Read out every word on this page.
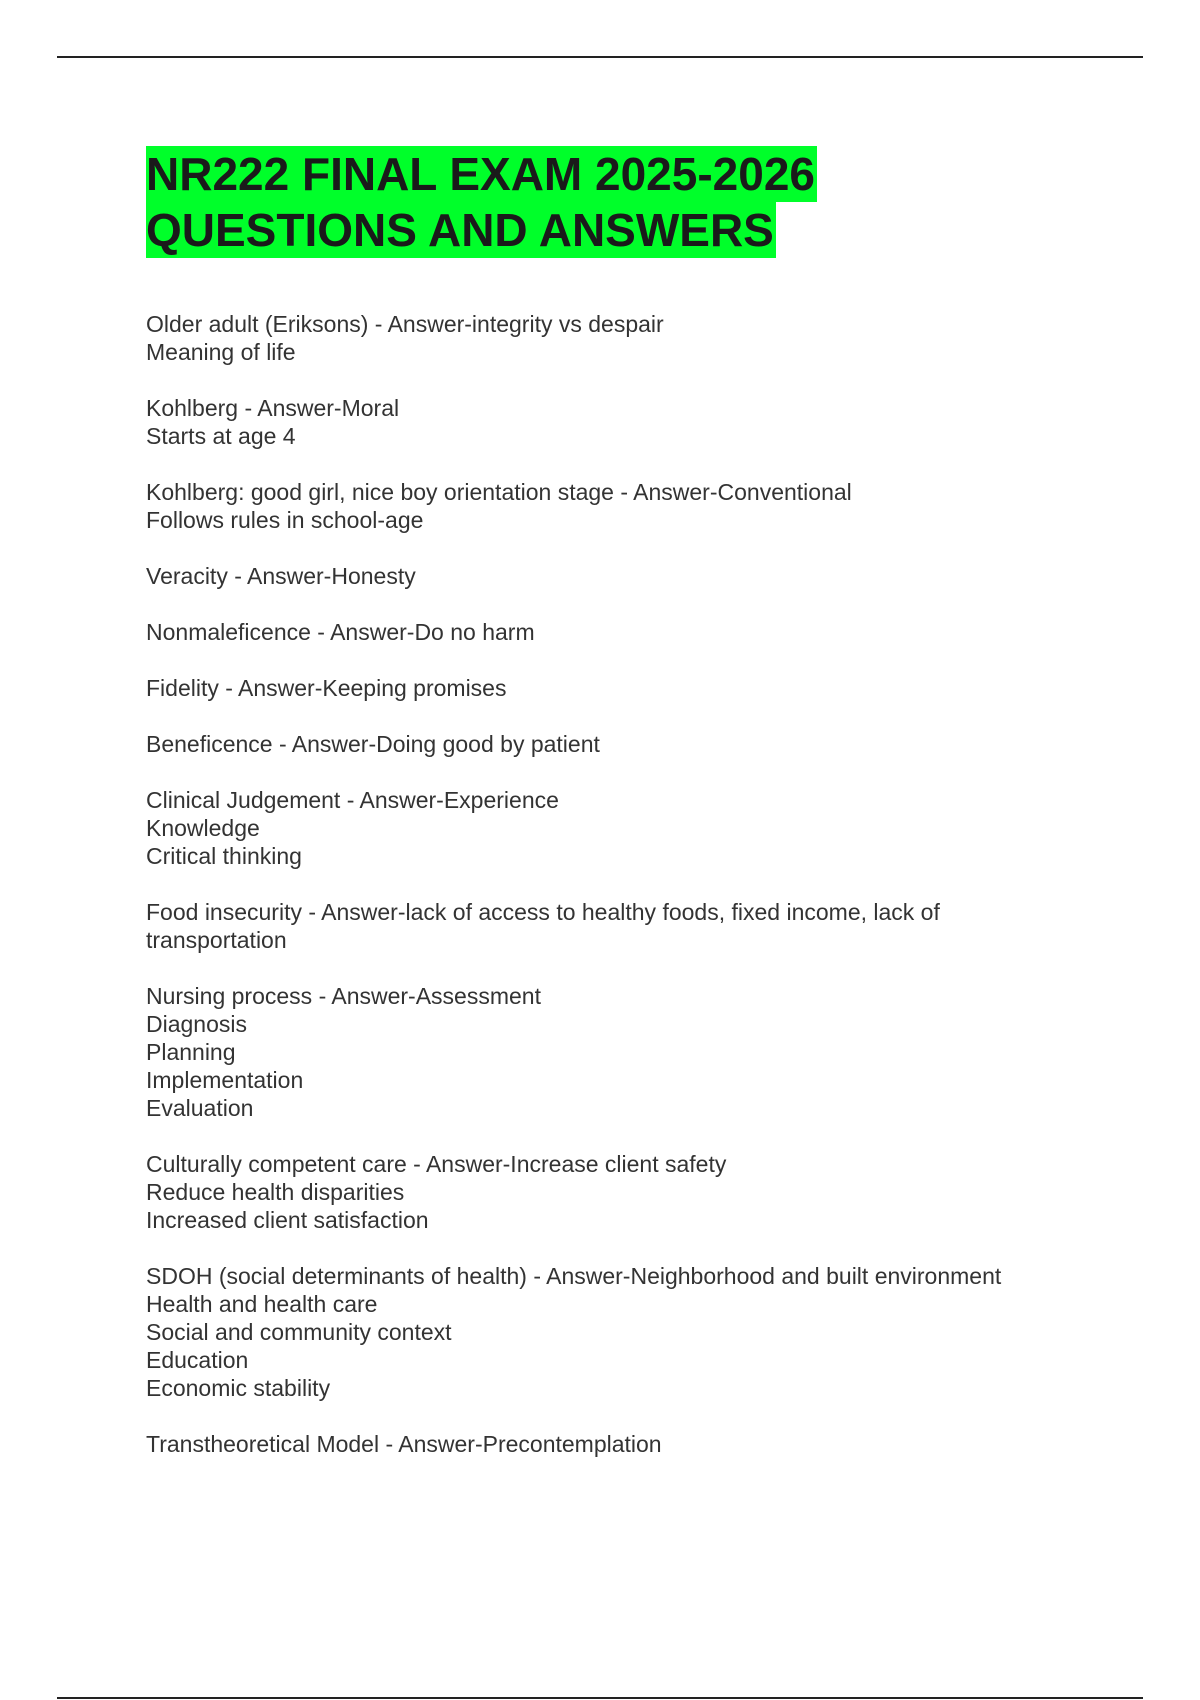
NR222 FINAL EXAM 2025-2026
QUESTIONS AND ANSWERS
Older adult (Eriksons) - Answer-integrity vs despair
Meaning of life
Kohlberg - Answer-Moral
Starts at age 4
Kohlberg: good girl, nice boy orientation stage - Answer-Conventional
Follows rules in school-age
Veracity - Answer-Honesty
Nonmaleficence - Answer-Do no harm
Fidelity - Answer-Keeping promises
Beneficence - Answer-Doing good by patient
Clinical Judgement - Answer-Experience
Knowledge
Critical thinking
Food insecurity - Answer-lack of access to healthy foods, fixed income, lack of
transportation
Nursing process - Answer-Assessment
Diagnosis
Planning
Implementation
Evaluation
Culturally competent care - Answer-Increase client safety
Reduce health disparities
Increased client satisfaction
SDOH (social determinants of health) - Answer-Neighborhood and built environment
Health and health care
Social and community context
Education
Economic stability
Transtheoretical Model - Answer-Precontemplation
